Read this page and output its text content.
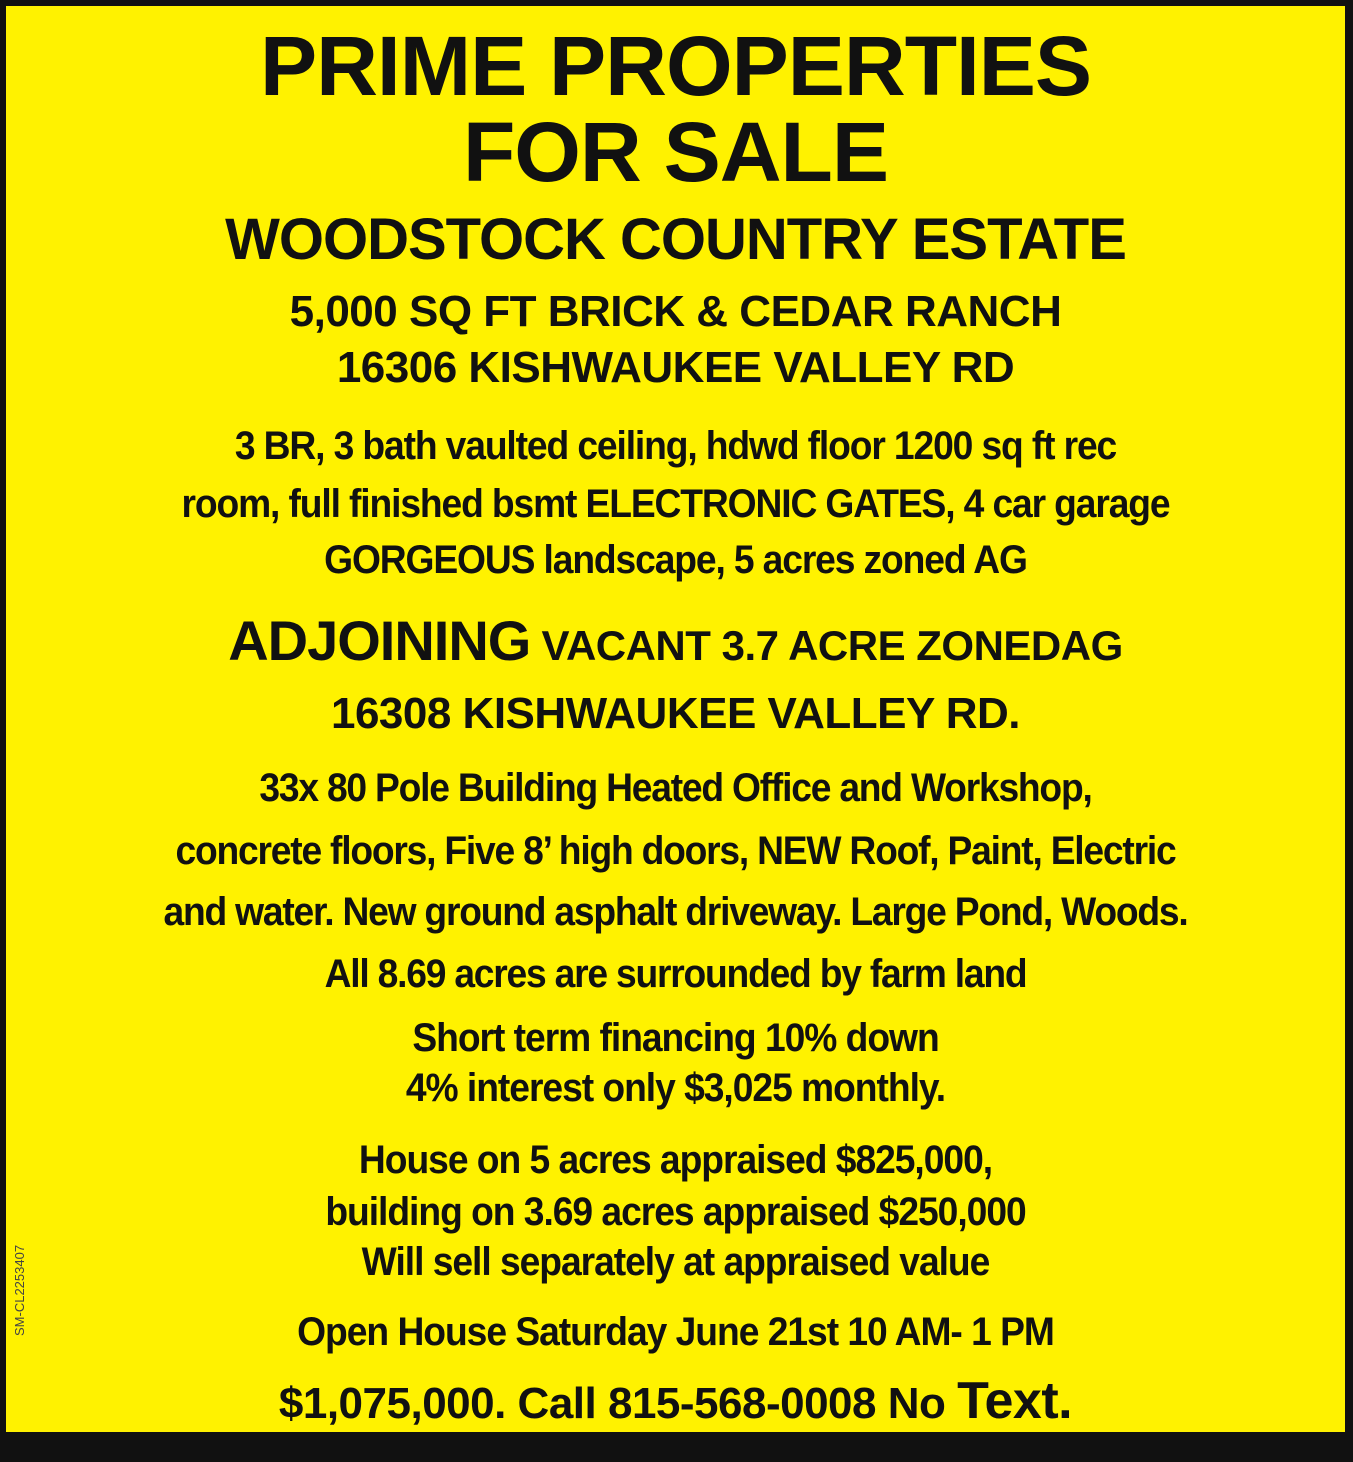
PRIME PROPERTIES

FOR SALE

WOODSTOCK COUNTRY ESTATE

5,000 SQ FT BRICK & CEDAR RANCH

16306 KISHWAUKEE VALLEY RD

3 BR, 3 bath vaulted ceiling, hdwd floor 1200 sq ft rec

room, full finished bsmt ELECTRONIC GATES, 4 car garage

GORGEOUS landscape, 5 acres zoned AG

ADJOINING VACANT 3.7 ACRE ZONEDAG

16308 KISHWAUKEE VALLEY RD.

33x 80 Pole Building Heated Office and Workshop,

concrete floors, Five 8’ high doors, NEW Roof, Paint, Electric

and water. New ground asphalt driveway. Large Pond, Woods.

All 8.69 acres are surrounded by farm land

Short term financing 10% down

4% interest only $3,025 monthly.

House on 5 acres appraised $825,000,

building on 3.69 acres appraised $250,000

Will sell separately at appraised value

Open House Saturday June 21st 10 AM- 1 PM

$1,075,000. Call 815-568-0008 No Text.

SM-CL2253407
